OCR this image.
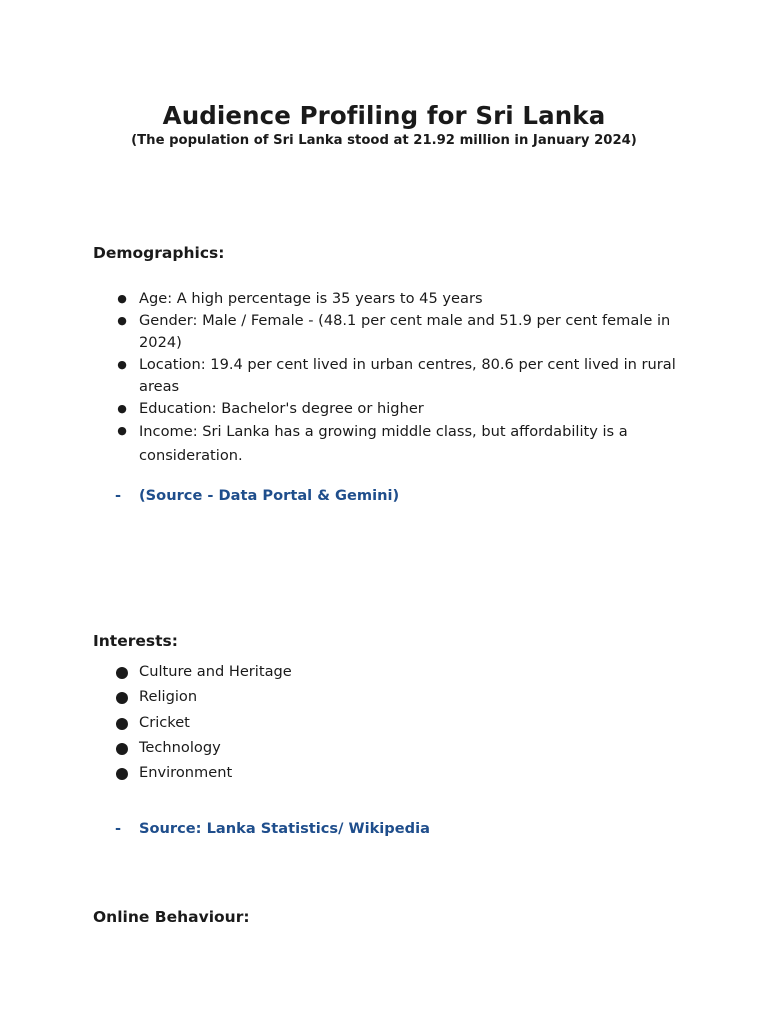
Audience Profiling for Sri Lanka
(The population of Sri Lanka stood at 21.92 million in January 2024)
Demographics:
● Age: A high percentage is 35 years to 45 years
● Gender: Male / Female - (48.1 per cent male and 51.9 per cent female in 2024)
● Location: 19.4 per cent lived in urban centres, 80.6 per cent lived in rural areas
● Education: Bachelor's degree or higher
● Income: Sri Lanka has a growing middle class, but affordability is a consideration.
- (Source - Data Portal & Gemini)
Interests:
Culture and Heritage
Religion
Cricket
Technology
Environment
- Source: Lanka Statistics/ Wikipedia
Online Behaviour:
